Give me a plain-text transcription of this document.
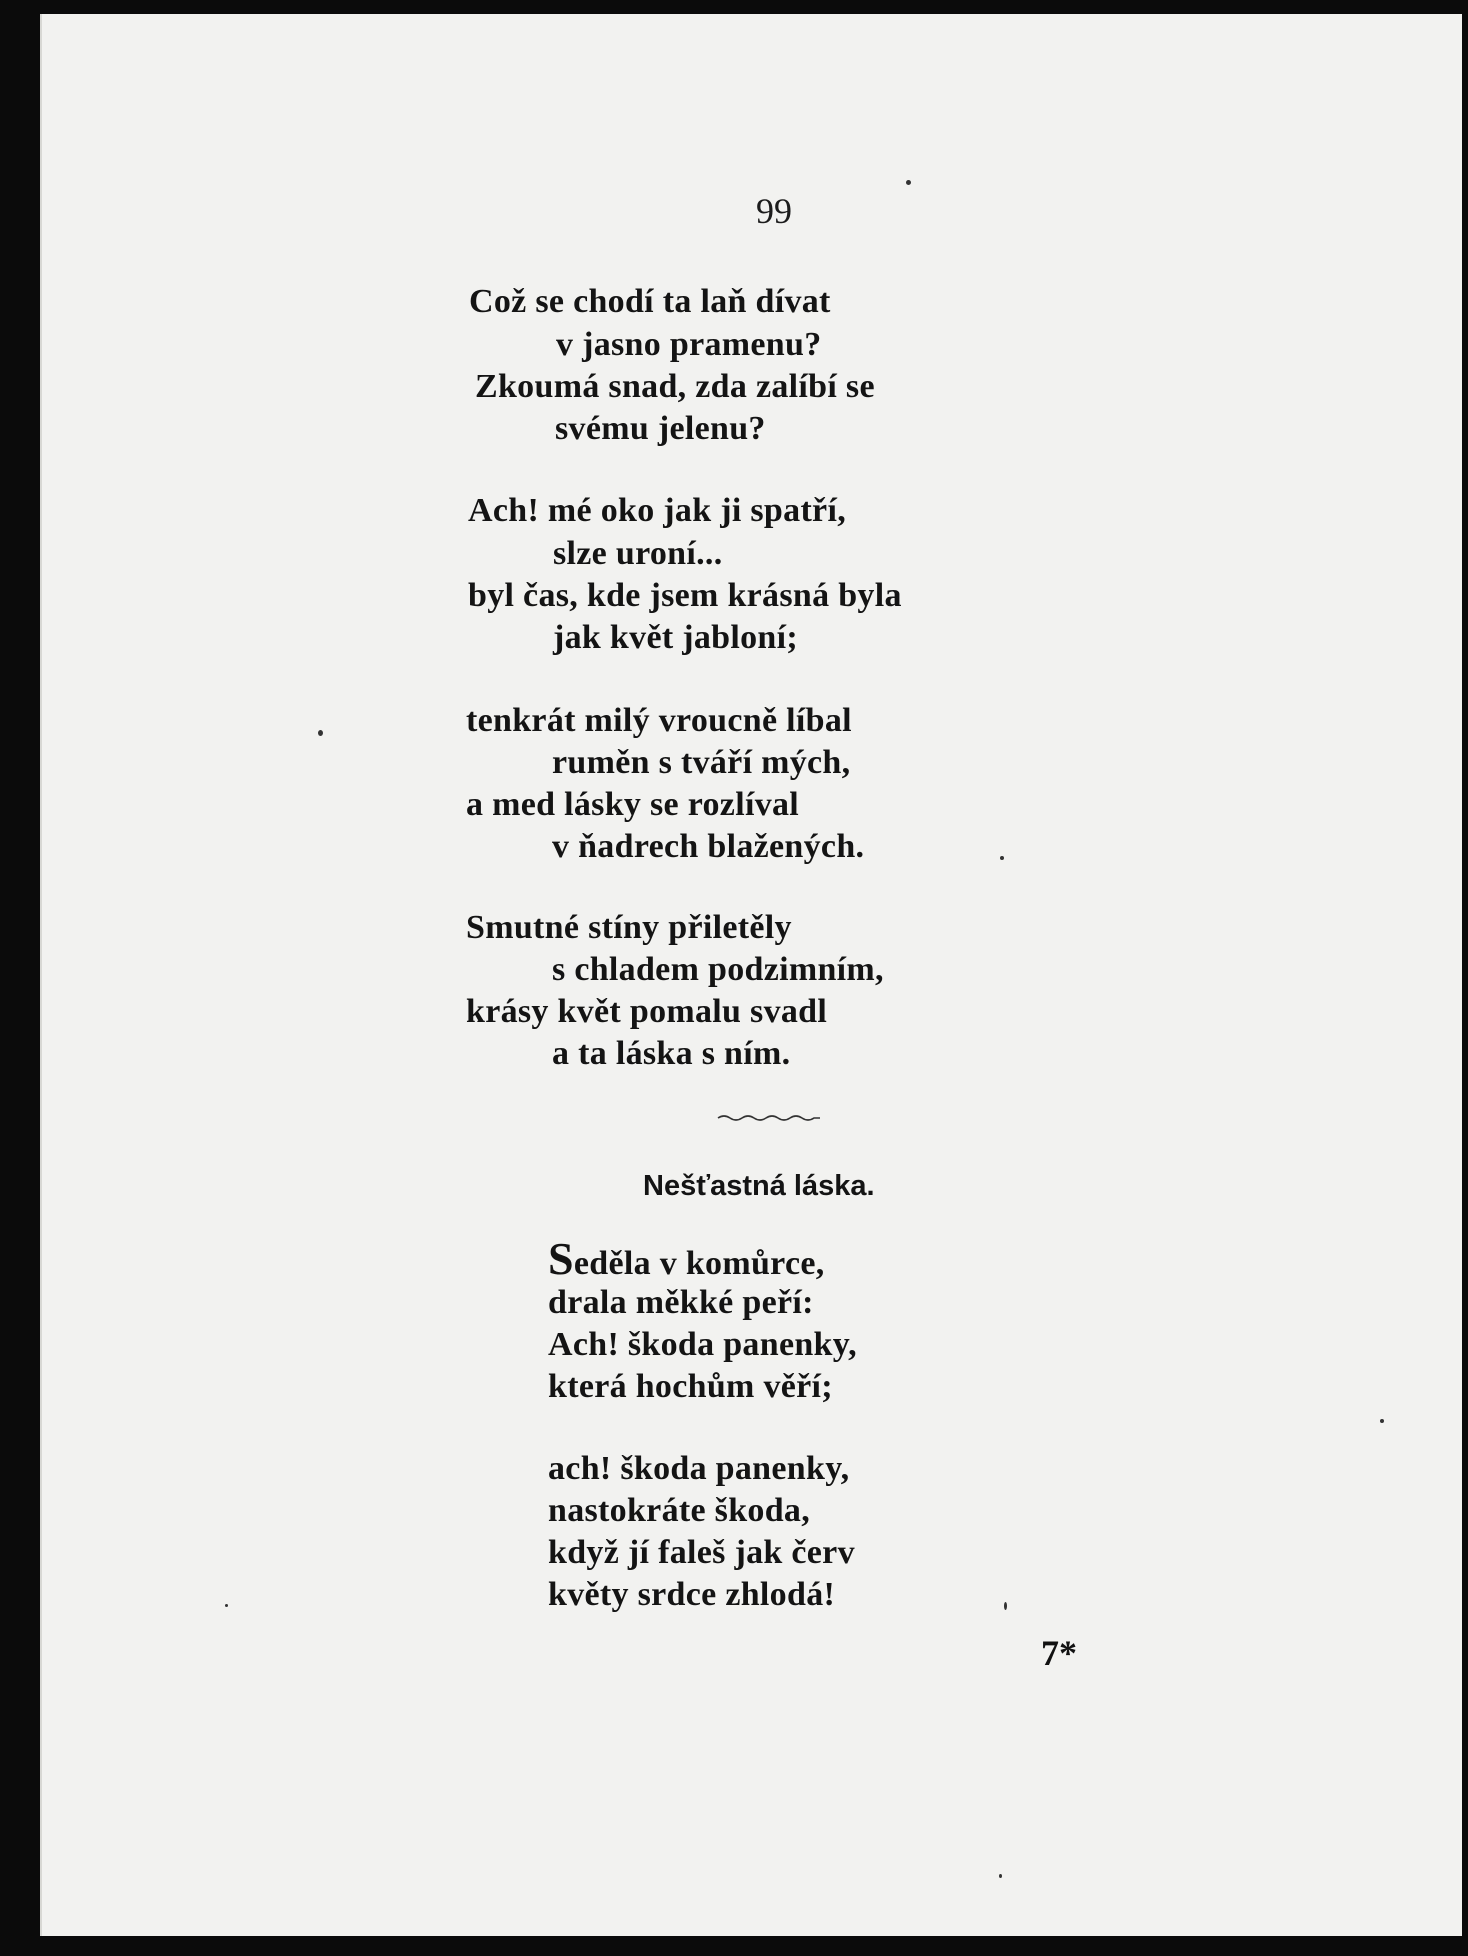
99
Což se chodí ta laň dívat
v jasno pramenu?
Zkoumá snad, zda zalíbí se
svému jelenu?
Ach! mé oko jak ji spatří,
slze uroní...
byl čas, kde jsem krásná byla
jak květ jabloní;
tenkrát milý vroucně líbal
ruměn s tváří mých,
a med lásky se rozlíval
v ňadrech blažených.
Smutné stíny přiletěly
s chladem podzimním,
krásy květ pomalu svadl
a ta láska s ním.
Nešťastná láska.
Seděla v komůrce,
drala měkké peří:
Ach! škoda panenky,
která hochům věří;
ach! škoda panenky,
nastokráte škoda,
když jí faleš jak červ
květy srdce zhlodá!
7*
